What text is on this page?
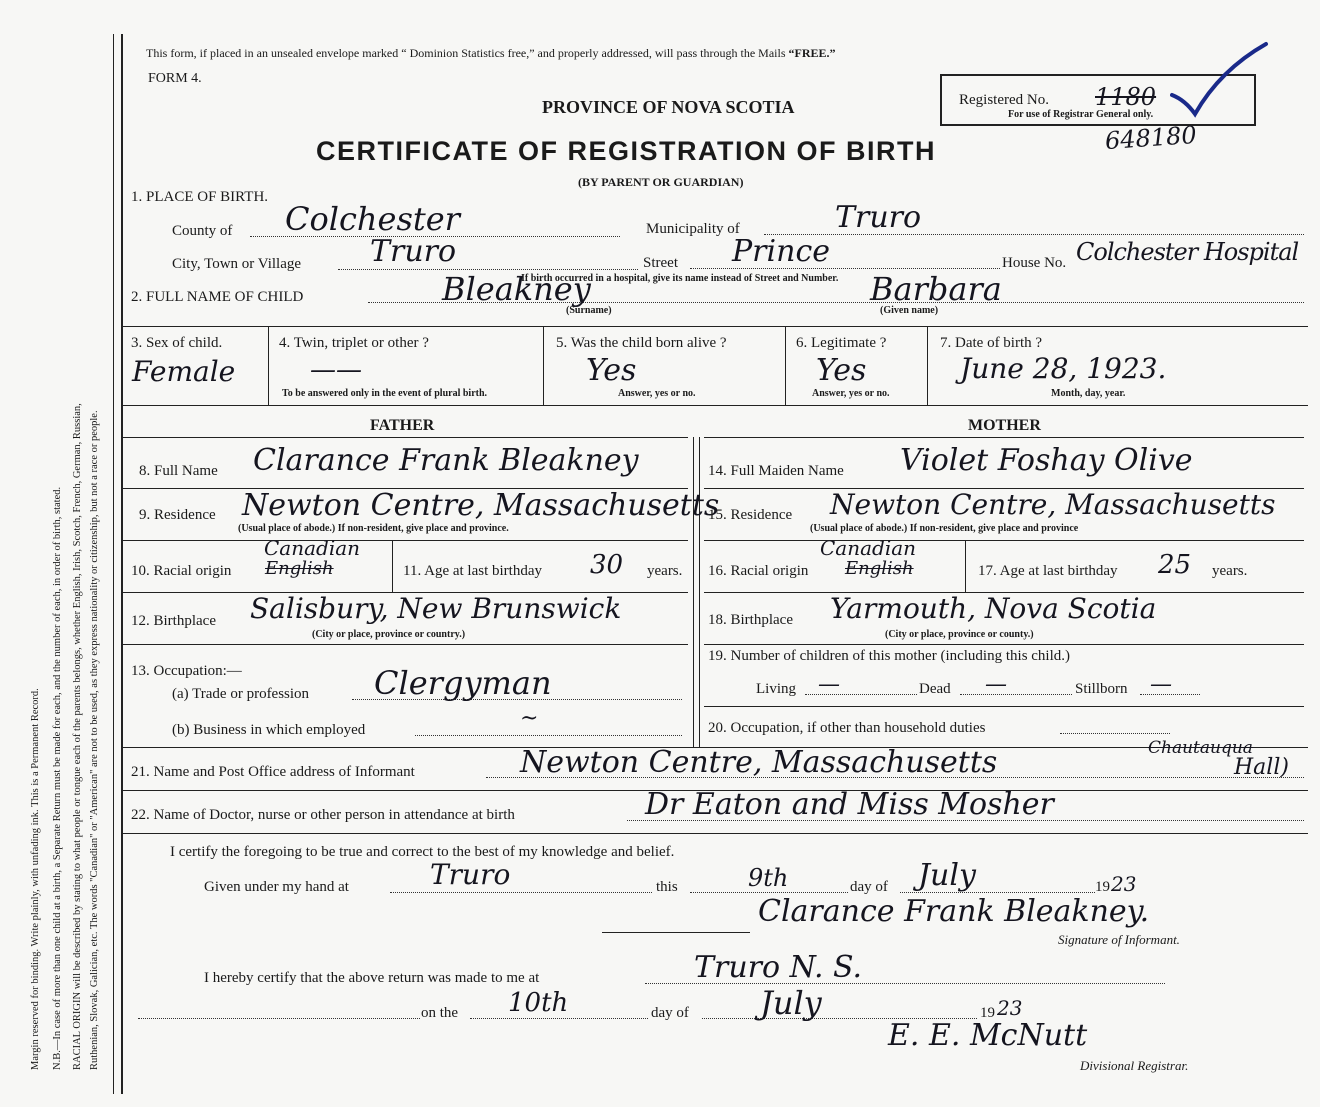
Margin reserved for binding. Write plainly, with unfading ink. This is a Permanent Record. N.B.—In case of more than one child at a birth, a Separate Return must be made for each, and the number of each, in order of birth, stated. RACIAL ORIGIN will be described by stating to what people or tongue each of the parents belongs, whether English, Irish, Scotch, French, German, Russian, Ruthenian, Slovak, Galician, etc. The words "Canadian" or "American" are not to be used, as they express nationality or citizenship, but not a race or people.
This form, if placed in an unsealed envelope marked “ Dominion Statistics free,” and properly addressed, will pass through the Mails “FREE.”
FORM 4.
PROVINCE OF NOVA SCOTIA
CERTIFICATE OF REGISTRATION OF BIRTH
(BY PARENT OR GUARDIAN)
Registered No. 1180
For use of Registrar General only.
648180
1. PLACE OF BIRTH.
County of Colchester	Municipality of	Truro
City, Town or Village Truro	Street Prince	House No. Colchester Hospital
If birth occurred in a hospital, give its name instead of Street and Number.
2. FULL NAME OF CHILD	Bleakney
(Surname)
Barbara
(Given name)
3. Sex of child.
Female
4. Twin, triplet or other ?
——
To be answered only in the event of plural birth.
5. Was the child born alive ?
Yes
Answer, yes or no.
6. Legitimate ?
Yes
Answer, yes or no.
7. Date of birth ?
June 28, 1923.
Month, day, year.
FATHER	MOTHER
8. Full Name Clarance Frank Bleakney
9. Residence Newton Centre, Massachusetts
(Usual place of abode.) If non-resident, give place and province.
10. Racial origin English
Canadian
11. Age at last birthday 30 years.
12. Birthplace Salisbury, New Brunswick
(City or place, province or country.)
13. Occupation:—
(a) Trade or profession Clergyman
(b) Business in which employed	~
14. Full Maiden Name Violet Foshay Olive
15. Residence Newton Centre, Massachusetts
(Usual place of abode.) If non-resident, give place and province
16. Racial origin English
Canadian
17. Age at last birthday 25 years.
18. Birthplace Yarmouth, Nova Scotia
(City or place, province or county.)
19. Number of children of this mother (including this child.)
Living —	Dead —	Stillborn —
20. Occupation, if other than household duties
21. Name and Post Office address of Informant	Newton Centre, Massachusetts	Chautauqua
Hall)
22. Name of Doctor, nurse or other person in attendance at birth	Dr Eaton and Miss Mosher
I certify the foregoing to be true and correct to the best of my knowledge and belief.
Given under my hand at	Truro	this	9th	day of July	19 23
Clarance Frank Bleakney.
Signature of Informant.
I hereby certify that the above return was made to me at	Truro N. S.
on the 10th	day of July	19 23
E. E. McNutt
Divisional Registrar.
